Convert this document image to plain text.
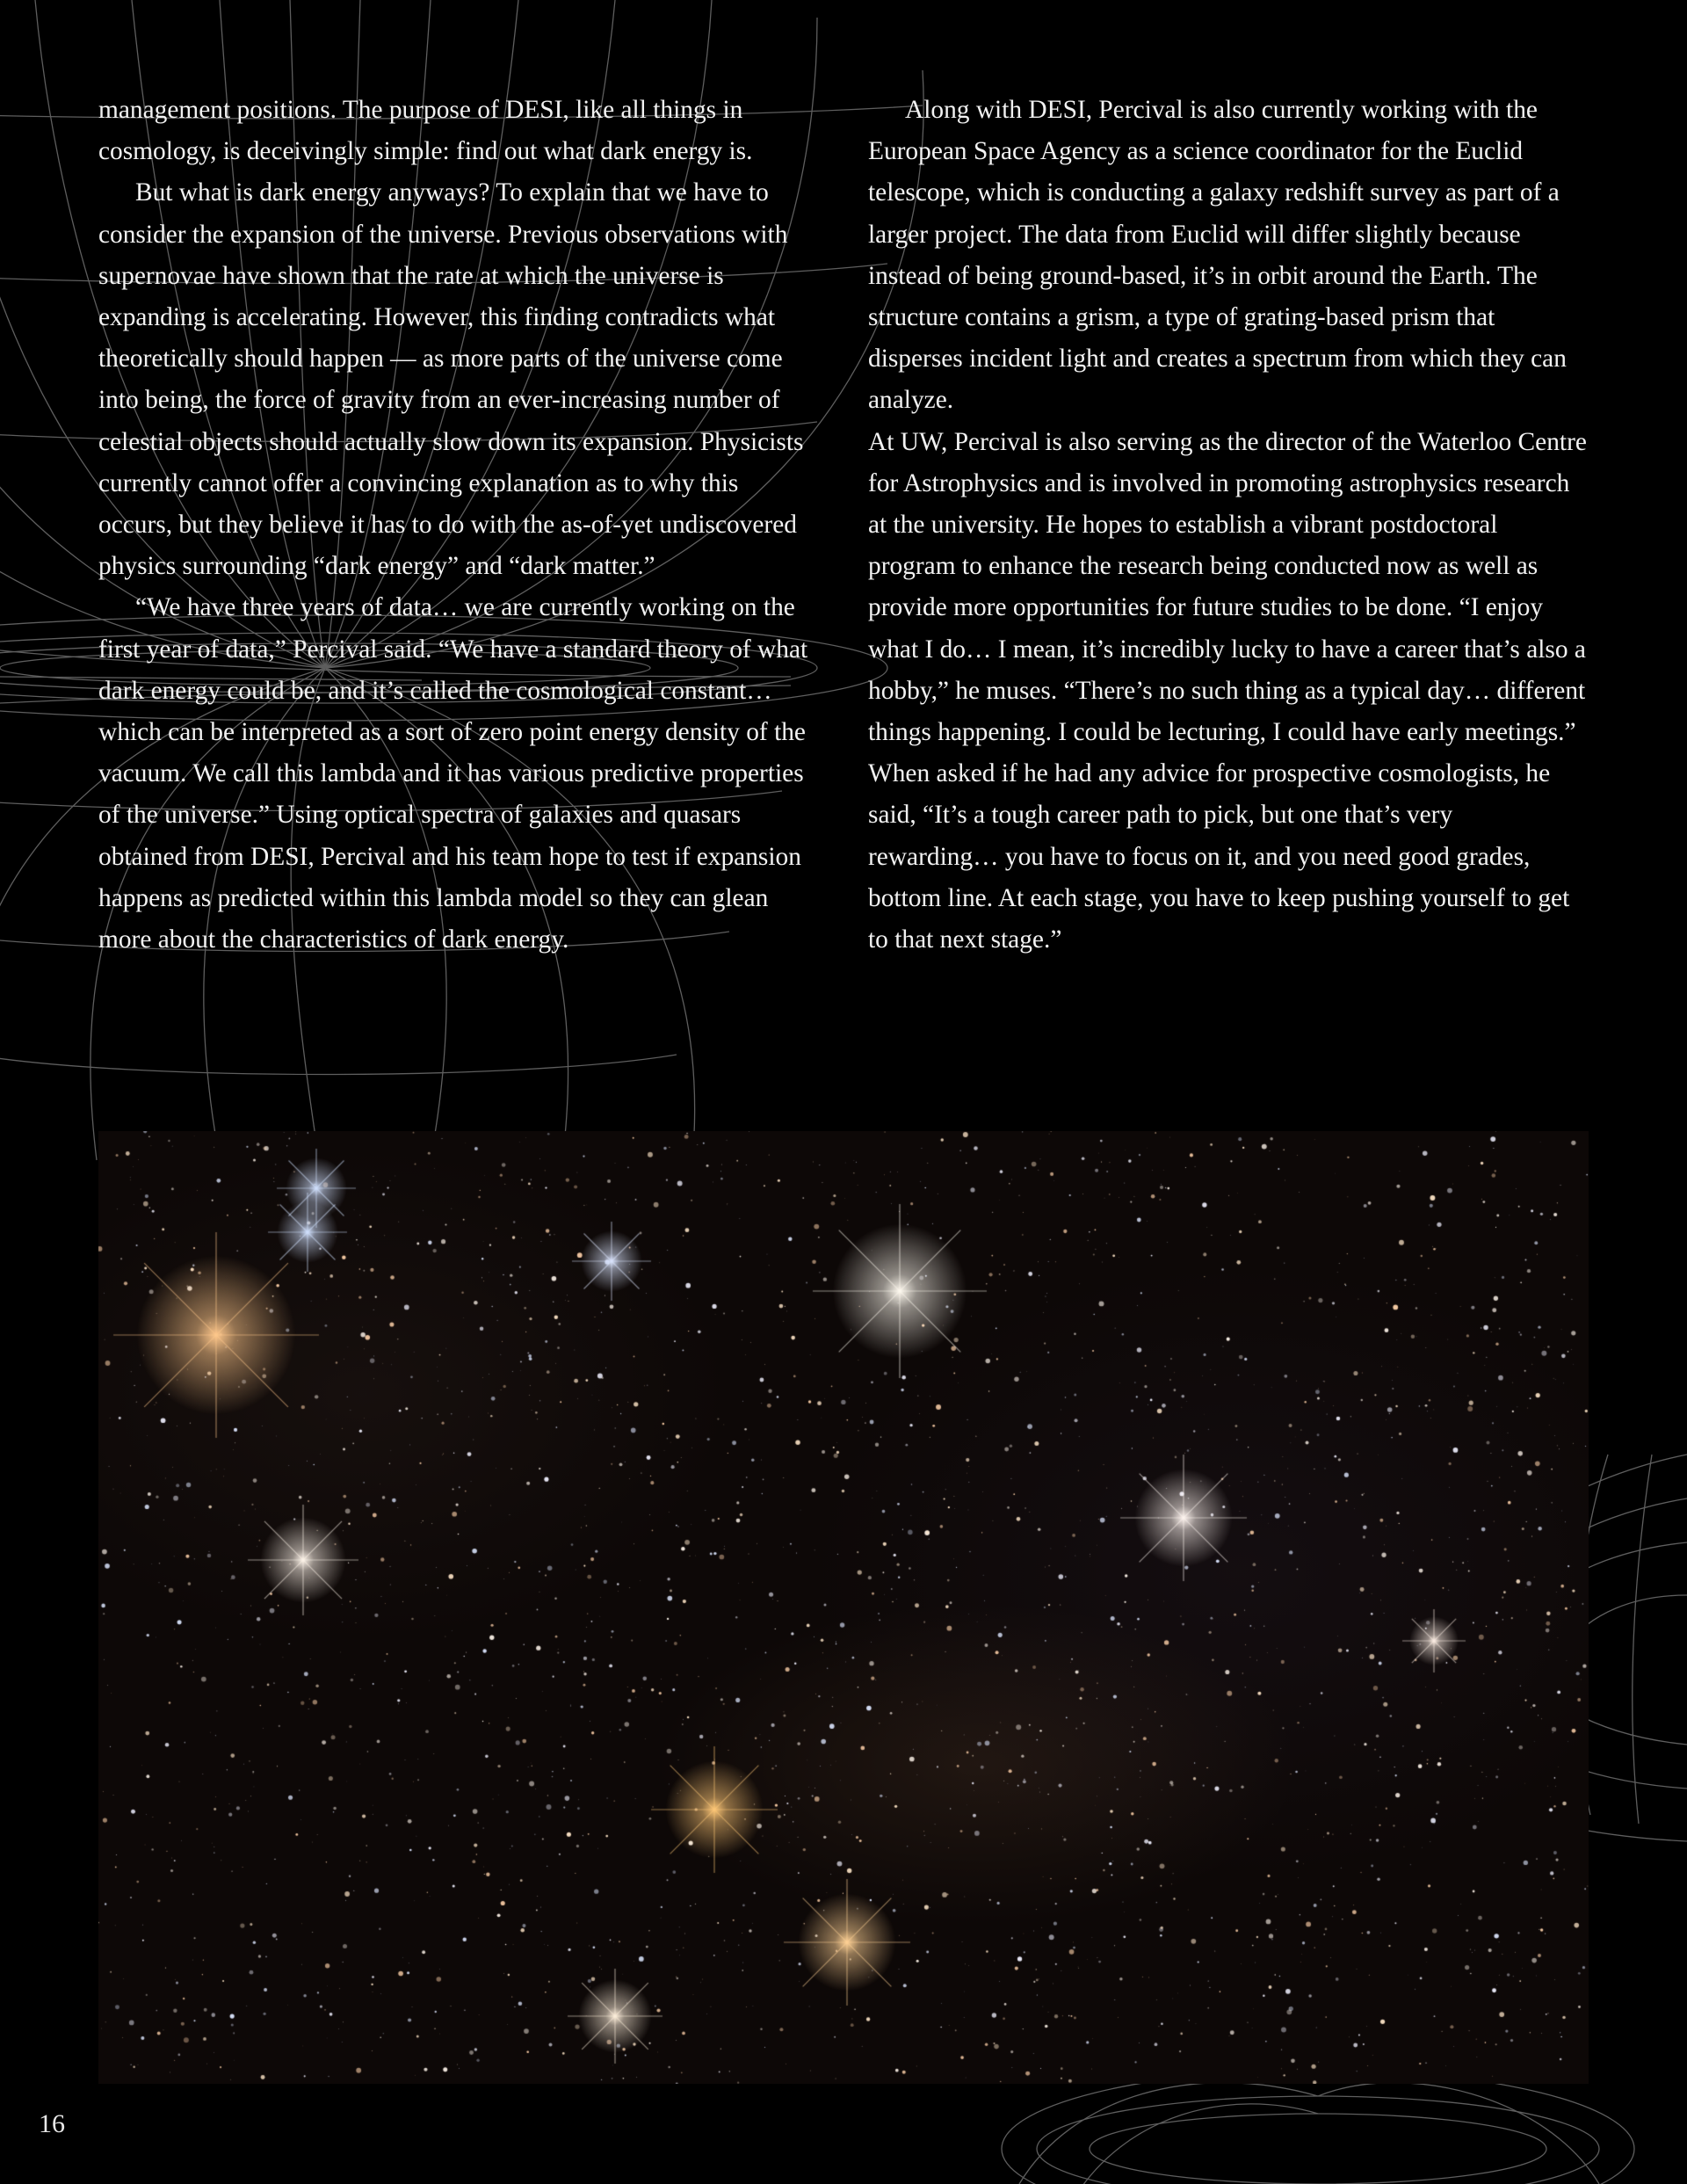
management positions. The purpose of DESI, like all things in cosmology, is deceivingly simple: find out what dark energy is.

But what is dark energy anyways? To explain that we have to consider the expansion of the universe. Previous observations with supernovae have shown that the rate at which the universe is expanding is accelerating. However, this finding contradicts what theoretically should happen — as more parts of the universe come into being, the force of gravity from an ever-increasing number of celestial objects should actually slow down its expansion. Physicists currently cannot offer a convincing explanation as to why this occurs, but they believe it has to do with the as-of-yet undiscovered physics surrounding “dark energy” and “dark matter.”

“We have three years of data… we are currently working on the first year of data,” Percival said. “We have a standard theory of what dark energy could be, and it’s called the cosmological constant… which can be interpreted as a sort of zero point energy density of the vacuum. We call this lambda and it has various predictive properties of the universe.” Using optical spectra of galaxies and quasars obtained from DESI, Percival and his team hope to test if expansion happens as predicted within this lambda model so they can glean more about the characteristics of dark energy.

Along with DESI, Percival is also currently working with the European Space Agency as a science coordinator for the Euclid telescope, which is conducting a galaxy redshift survey as part of a larger project. The data from Euclid will differ slightly because instead of being ground-based, it’s in orbit around the Earth. The structure contains a grism, a type of grating-based prism that disperses incident light and creates a spectrum from which they can analyze.

At UW, Percival is also serving as the director of the Waterloo Centre for Astrophysics and is involved in promoting astrophysics research at the university. He hopes to establish a vibrant postdoctoral program to enhance the research being conducted now as well as provide more opportunities for future studies to be done. “I enjoy what I do… I mean, it’s incredibly lucky to have a career that’s also a hobby,” he muses. “There’s no such thing as a typical day… different things happening. I could be lecturing, I could have early meetings.” When asked if he had any advice for prospective cosmologists, he said, “It’s a tough career path to pick, but one that’s very rewarding… you have to focus on it, and you need good grades, bottom line. At each stage, you have to keep pushing yourself to get to that next stage.”

16
